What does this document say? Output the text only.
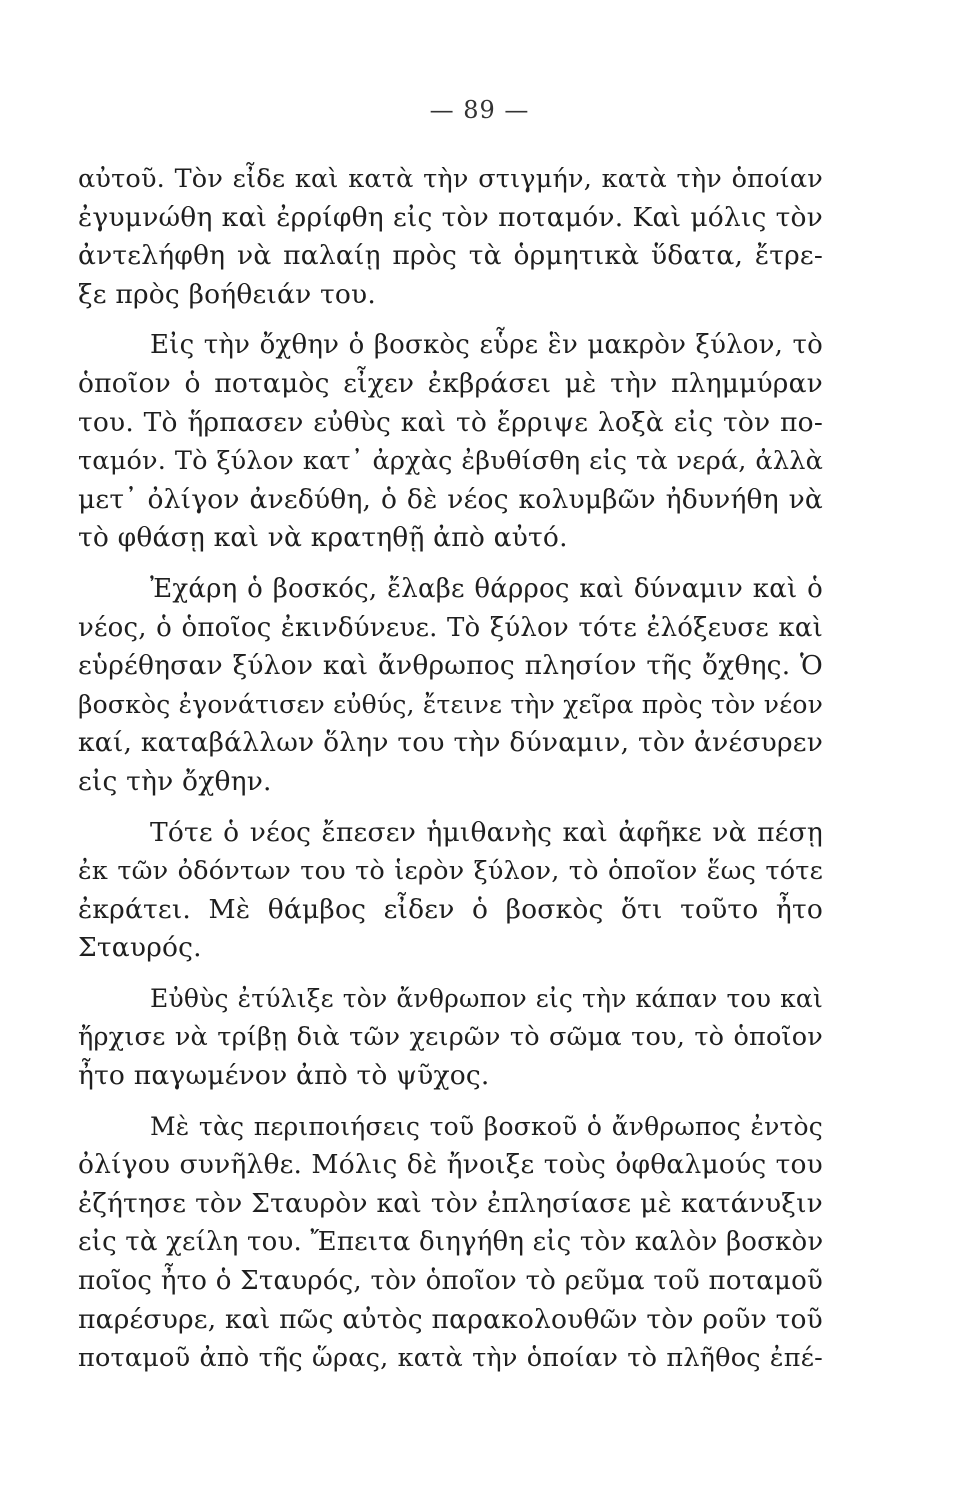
— 89 —
αὐτοῦ. Τὸν εἶδε καὶ κατὰ τὴν στιγμήν, κατὰ τὴν ὁποίαν
ἐγυμνώθη καὶ ἐρρίφθη εἰς τὸν ποταμόν. Καὶ μόλις τὸν
ἀντελήφθη νὰ παλαίῃ πρὸς τὰ ὁρμητικὰ ὕδατα, ἔτρε-
ξε πρὸς βοήθειάν του.
Εἰς τὴν ὄχθην ὁ βοσκὸς εὗρε ἓν μακρὸν ξύλον, τὸ
ὁποῖον ὁ ποταμὸς εἶχεν ἐκβράσει μὲ τὴν πλημμύραν
του. Τὸ ἥρπασεν εὐθὺς καὶ τὸ ἔρριψε λοξὰ εἰς τὸν πο-
ταμόν. Τὸ ξύλον κατ᾽ ἀρχὰς ἐβυθίσθη εἰς τὰ νερά, ἀλλὰ
μετ᾽ ὀλίγον ἀνεδύθη, ὁ δὲ νέος κολυμβῶν ἠδυνήθη νὰ
τὸ φθάσῃ καὶ νὰ κρατηθῇ ἀπὸ αὐτό.
Ἐχάρη ὁ βοσκός, ἔλαβε θάρρος καὶ δύναμιν καὶ ὁ
νέος, ὁ ὁποῖος ἐκινδύνευε. Τὸ ξύλον τότε ἐλόξευσε καὶ
εὑρέθησαν ξύλον καὶ ἄνθρωπος πλησίον τῆς ὄχθης. Ὁ
βοσκὸς ἐγονάτισεν εὐθύς, ἔτεινε τὴν χεῖρα πρὸς τὸν νέον
καί, καταβάλλων ὅλην του τὴν δύναμιν, τὸν ἀνέσυρεν
εἰς τὴν ὄχθην.
Τότε ὁ νέος ἔπεσεν ἡμιθανὴς καὶ ἀφῆκε νὰ πέσῃ
ἐκ τῶν ὀδόντων του τὸ ἱερὸν ξύλον, τὸ ὁποῖον ἕως τότε
ἐκράτει. Μὲ θάμβος εἶδεν ὁ βοσκὸς ὅτι τοῦτο ἦτο
Σταυρός.
Εὐθὺς ἐτύλιξε τὸν ἄνθρωπον εἰς τὴν κάπαν του καὶ
ἤρχισε νὰ τρίβῃ διὰ τῶν χειρῶν τὸ σῶμα του, τὸ ὁποῖον
ἦτο παγωμένον ἀπὸ τὸ ψῦχος.
Μὲ τὰς περιποιήσεις τοῦ βοσκοῦ ὁ ἄνθρωπος ἐντὸς
ὀλίγου συνῆλθε. Μόλις δὲ ἤνοιξε τοὺς ὀφθαλμούς του
ἐζήτησε τὸν Σταυρὸν καὶ τὸν ἐπλησίασε μὲ κατάνυξιν
εἰς τὰ χείλη του. Ἔπειτα διηγήθη εἰς τὸν καλὸν βοσκὸν
ποῖος ἦτο ὁ Σταυρός, τὸν ὁποῖον τὸ ρεῦμα τοῦ ποταμοῦ
παρέσυρε, καὶ πῶς αὐτὸς παρακολουθῶν τὸν ροῦν τοῦ
ποταμοῦ ἀπὸ τῆς ὥρας, κατὰ τὴν ὁποίαν τὸ πλῆθος ἐπέ-
